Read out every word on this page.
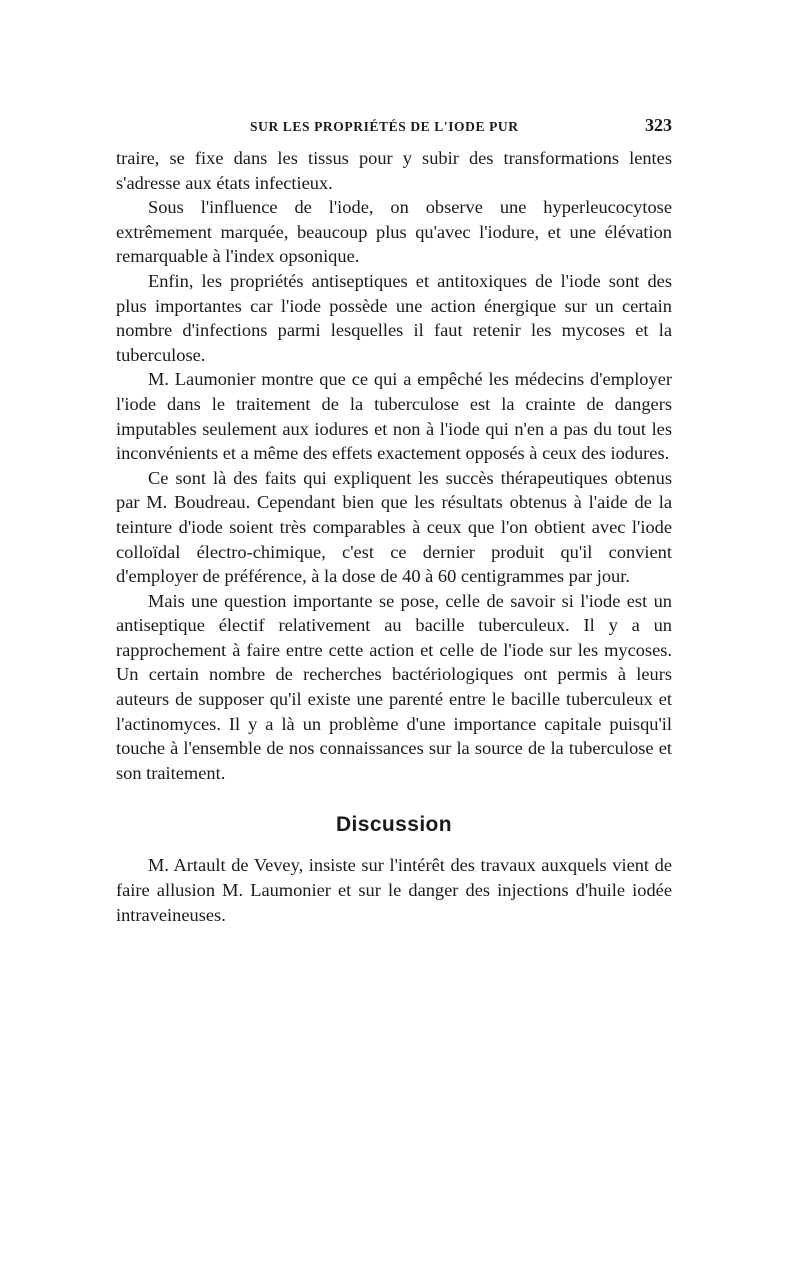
SUR LES PROPRIÉTÉS DE L'IODE PUR	323

traire, se fixe dans les tissus pour y subir des transformations lentes s'adresse aux états infectieux.

Sous l'influence de l'iode, on observe une hyperleucocytose extrêmement marquée, beaucoup plus qu'avec l'iodure, et une élévation remarquable à l'index opsonique.

Enfin, les propriétés antiseptiques et antitoxiques de l'iode sont des plus importantes car l'iode possède une action énergique sur un certain nombre d'infections parmi lesquelles il faut retenir les mycoses et la tuberculose.

M. Laumonier montre que ce qui a empêché les médecins d'employer l'iode dans le traitement de la tuberculose est la crainte de dangers imputables seulement aux iodures et non à l'iode qui n'en a pas du tout les inconvénients et a même des effets exactement opposés à ceux des iodures.

Ce sont là des faits qui expliquent les succès thérapeutiques obtenus par M. Boudreau. Cependant bien que les résultats obtenus à l'aide de la teinture d'iode soient très comparables à ceux que l'on obtient avec l'iode colloïdal électro-chimique, c'est ce dernier produit qu'il convient d'employer de préférence, à la dose de 40 à 60 centigrammes par jour.

Mais une question importante se pose, celle de savoir si l'iode est un antiseptique électif relativement au bacille tuberculeux. Il y a un rapprochement à faire entre cette action et celle de l'iode sur les mycoses. Un certain nombre de recherches bactériologiques ont permis à leurs auteurs de supposer qu'il existe une parenté entre le bacille tuberculeux et l'actinomyces. Il y a là un problème d'une importance capitale puisqu'il touche à l'ensemble de nos connaissances sur la source de la tuberculose et son traitement.

Discussion

M. Artault de Vevey, insiste sur l'intérêt des travaux auxquels vient de faire allusion M. Laumonier et sur le danger des injections d'huile iodée intraveineuses.
